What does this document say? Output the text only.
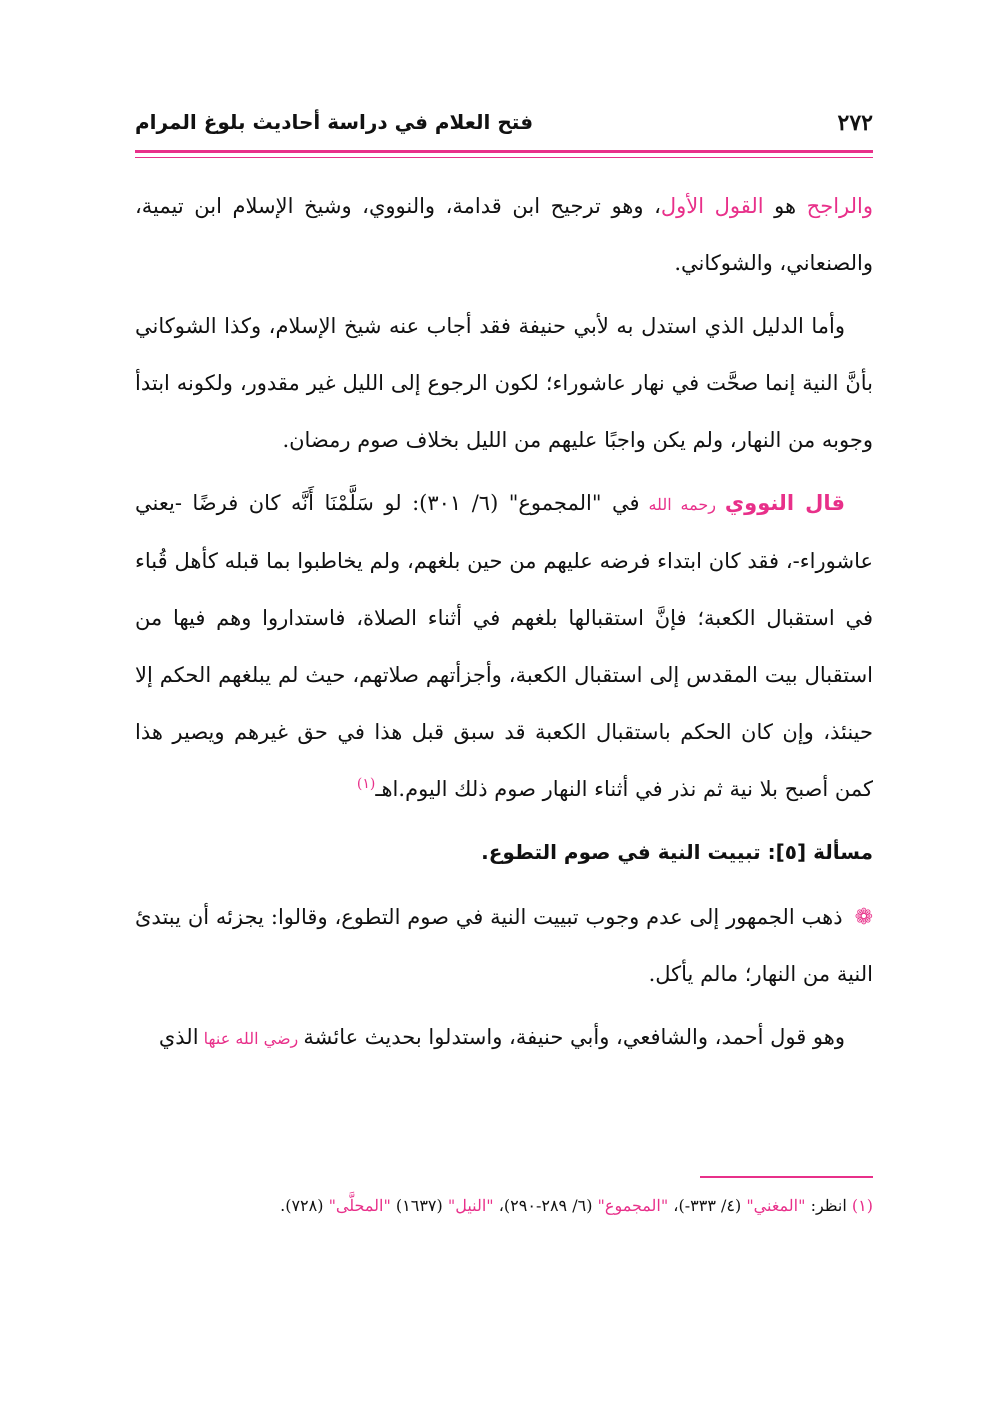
٢٧٢
فتح العلام في دراسة أحاديث بلوغ المرام

والراجح هو القول الأول، وهو ترجيح ابن قدامة، والنووي، وشيخ الإسلام ابن تيمية، والصنعاني، والشوكاني.

وأما الدليل الذي استدل به لأبي حنيفة فقد أجاب عنه شيخ الإسلام، وكذا الشوكاني بأنَّ النية إنما صحَّت في نهار عاشوراء؛ لكون الرجوع إلى الليل غير مقدور، ولكونه ابتدأ وجوبه من النهار، ولم يكن واجبًا عليهم من الليل بخلاف صوم رمضان.

قال النووي رحمه الله في "المجموع" (٦/ ٣٠١): لو سَلَّمْنَا أَنَّه كان فرضًا -يعني عاشوراء-، فقد كان ابتداء فرضه عليهم من حين بلغهم، ولم يخاطبوا بما قبله كأهل قُباء في استقبال الكعبة؛ فإنَّ استقبالها بلغهم في أثناء الصلاة، فاستداروا وهم فيها من استقبال بيت المقدس إلى استقبال الكعبة، وأجزأتهم صلاتهم، حيث لم يبلغهم الحكم إلا حينئذ، وإن كان الحكم باستقبال الكعبة قد سبق قبل هذا في حق غيرهم ويصير هذا كمن أصبح بلا نية ثم نذر في أثناء النهار صوم ذلك اليوم.اهـ$^{(١)}$

مسألة [٥]: تبييت النية في صوم التطوع.

❁ذهب الجمهور إلى عدم وجوب تبييت النية في صوم التطوع، وقالوا: يجزئه أن يبتدئ النية من النهار؛ مالم يأكل.

وهو قول أحمد، والشافعي، وأبي حنيفة، واستدلوا بحديث عائشة رضي الله عنها الذي

(١) انظر: "المغني" (٤/ ٣٣٣-)، "المجموع" (٦/ ٢٨٩-٢٩٠)، "النيل" (١٦٣٧) "المحلَّى" (٧٢٨).
